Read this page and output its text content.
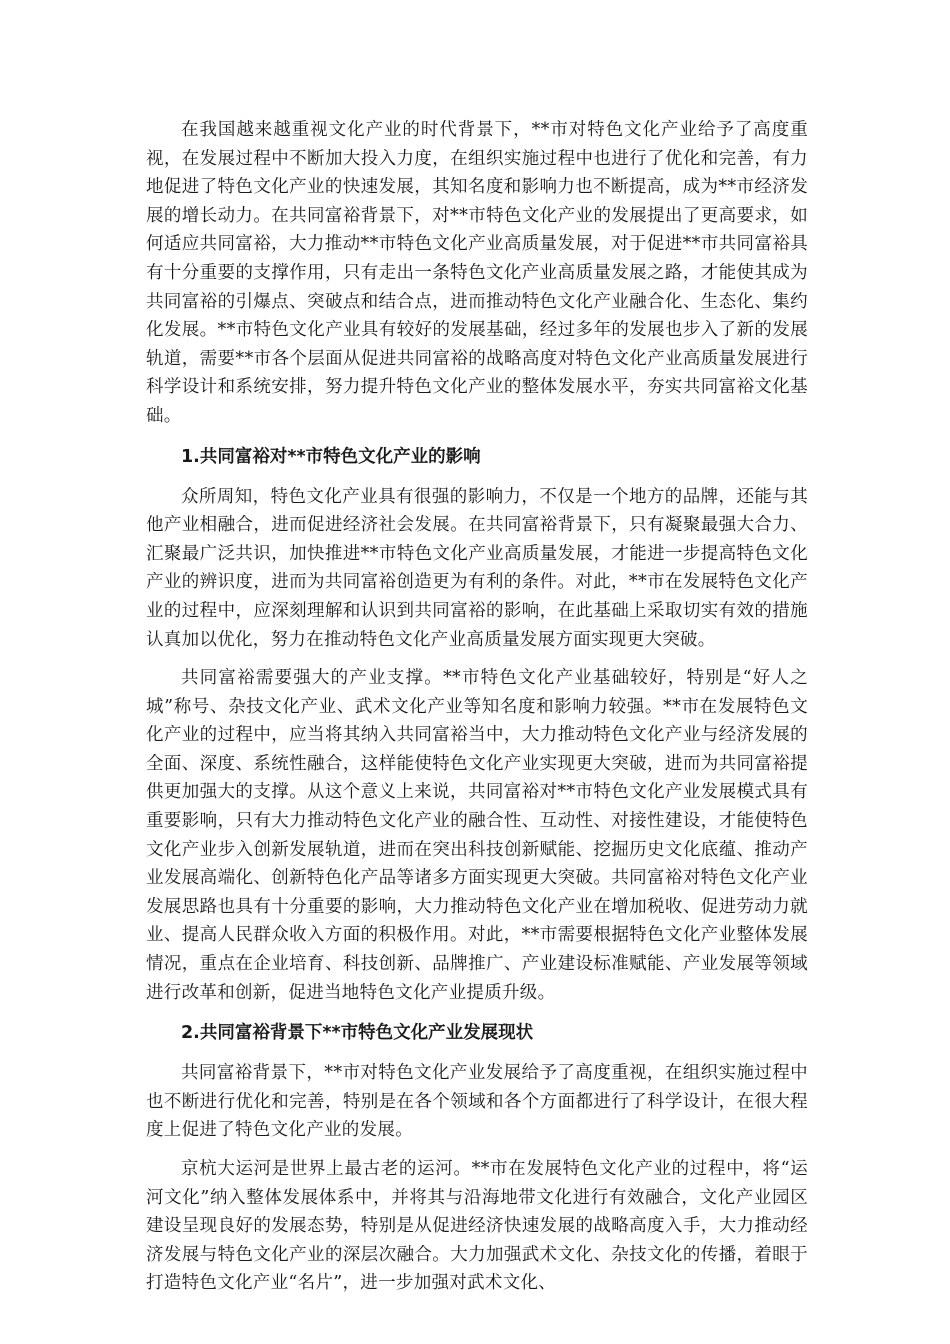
在我国越来越重视文化产业的时代背景下，**市对特色文化产业给予了高度重视，在发展过程中不断加大投入力度，在组织实施过程中也进行了优化和完善，有力地促进了特色文化产业的快速发展，其知名度和影响力也不断提高，成为**市经济发展的增长动力。在共同富裕背景下，对**市特色文化产业的发展提出了更高要求，如何适应共同富裕，大力推动**市特色文化产业高质量发展，对于促进**市共同富裕具有十分重要的支撑作用，只有走出一条特色文化产业高质量发展之路，才能使其成为共同富裕的引爆点、突破点和结合点，进而推动特色文化产业融合化、生态化、集约化发展。**市特色文化产业具有较好的发展基础，经过多年的发展也步入了新的发展轨道，需要**市各个层面从促进共同富裕的战略高度对特色文化产业高质量发展进行科学设计和系统安排，努力提升特色文化产业的整体发展水平，夯实共同富裕文化基础。

1.共同富裕对**市特色文化产业的影响

众所周知，特色文化产业具有很强的影响力，不仅是一个地方的品牌，还能与其他产业相融合，进而促进经济社会发展。在共同富裕背景下，只有凝聚最强大合力、汇聚最广泛共识，加快推进**市特色文化产业高质量发展，才能进一步提高特色文化产业的辨识度，进而为共同富裕创造更为有利的条件。对此，**市在发展特色文化产业的过程中，应深刻理解和认识到共同富裕的影响，在此基础上采取切实有效的措施认真加以优化，努力在推动特色文化产业高质量发展方面实现更大突破。

共同富裕需要强大的产业支撑。**市特色文化产业基础较好，特别是“好人之城”称号、杂技文化产业、武术文化产业等知名度和影响力较强。**市在发展特色文化产业的过程中，应当将其纳入共同富裕当中，大力推动特色文化产业与经济发展的全面、深度、系统性融合，这样能使特色文化产业实现更大突破，进而为共同富裕提供更加强大的支撑。从这个意义上来说，共同富裕对**市特色文化产业发展模式具有重要影响，只有大力推动特色文化产业的融合性、互动性、对接性建设，才能使特色文化产业步入创新发展轨道，进而在突出科技创新赋能、挖掘历史文化底蕴、推动产业发展高端化、创新特色化产品等诸多方面实现更大突破。共同富裕对特色文化产业发展思路也具有十分重要的影响，大力推动特色文化产业在增加税收、促进劳动力就业、提高人民群众收入方面的积极作用。对此，**市需要根据特色文化产业整体发展情况，重点在企业培育、科技创新、品牌推广、产业建设标准赋能、产业发展等领域进行改革和创新，促进当地特色文化产业提质升级。

2.共同富裕背景下**市特色文化产业发展现状

共同富裕背景下，**市对特色文化产业发展给予了高度重视，在组织实施过程中也不断进行优化和完善，特别是在各个领域和各个方面都进行了科学设计，在很大程度上促进了特色文化产业的发展。

京杭大运河是世界上最古老的运河。**市在发展特色文化产业的过程中，将“运河文化”纳入整体发展体系中，并将其与沿海地带文化进行有效融合，文化产业园区建设呈现良好的发展态势，特别是从促进经济快速发展的战略高度入手，大力推动经济发展与特色文化产业的深层次融合。大力加强武术文化、杂技文化的传播，着眼于打造特色文化产业“名片”，进一步加强对武术文化、
